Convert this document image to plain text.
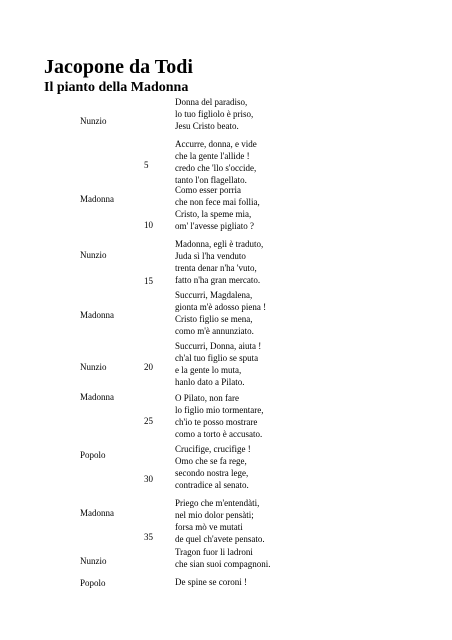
Jacopone da Todi
Il pianto della Madonna
Nunzio
Madonna
Nunzio
Madonna
Nunzio
Madonna
Popolo
Madonna
Nunzio
Popolo
5
10
15
20
25
30
35
Donna del paradiso,
lo tuo figliolo è priso,
Jesu Cristo beato.
Accurre, donna, e vide
che la gente l'allide !
credo che 'llo s'occide,
tanto l'on flagellato.
Como esser porria
che non fece mai follia,
Cristo, la speme mia,
om' l'avesse pigliato ?
Madonna, egli è traduto,
Juda sì l'ha venduto
trenta denar n'ha 'vuto,
fatto n'ha gran mercato.
Succurri, Magdalena,
gionta m'è adosso piena !
Cristo figlio se mena,
como m'è annunziato.
Succurri, Donna, aiuta !
ch'al tuo figlio se sputa
e la gente lo muta,
hanlo dato a Pilato.
O Pilato, non fare
lo figlio mio tormentare,
ch'io te posso mostrare
como a torto è accusato.
Crucifige, crucifige !
Omo che se fa rege,
secondo nostra lege,
contradice al senato.
Priego che m'entendàti,
nel mio dolor pensàti;
forsa mò ve mutati
de quel ch'avete pensato.
Tragon fuor li ladroni
che sian suoi compagnoni.
De spine se coroni !
